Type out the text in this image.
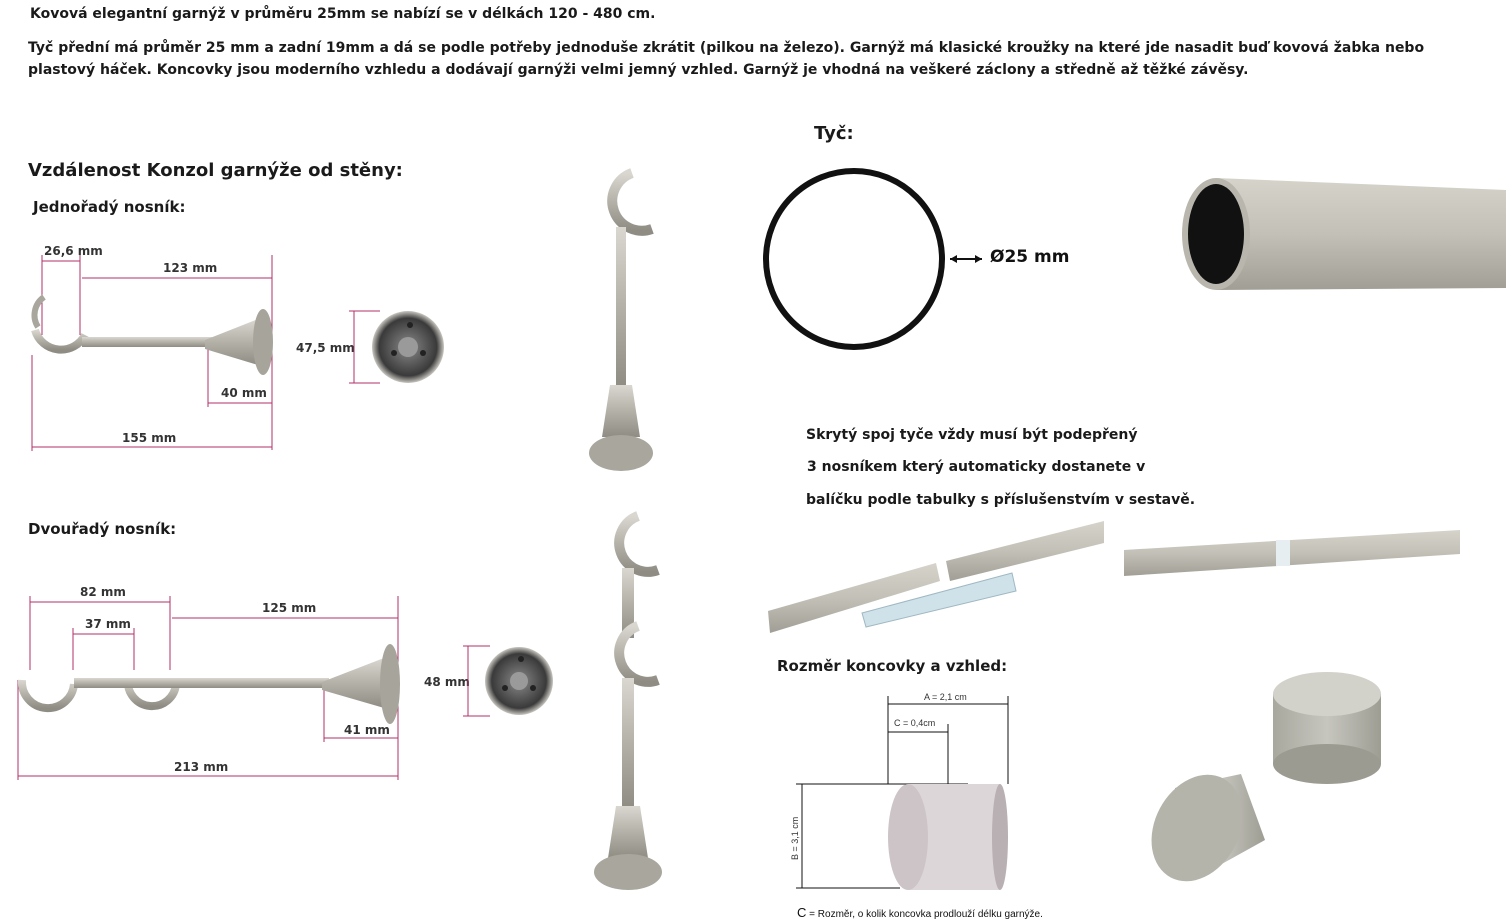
Kovová elegantní garnýž v průměru 25mm se nabízí se v délkách 120 - 480 cm.
Tyč přední má průměr 25 mm a zadní 19mm a dá se podle potřeby jednoduše zkrátit (pilkou na železo). Garnýž má klasické kroužky na které jde nasadit buď kovová žabka nebo plastový háček. Koncovky jsou moderního vzhledu a dodávají garnýži velmi jemný vzhled. Garnýž je vhodná na veškeré záclony a středně až těžké závěsy.
Vzdálenost Konzol garnýže od stěny:
Jednořadý nosník:
Dvouřadý nosník:
26,6 mm
123 mm
40 mm
155 mm
47,5 mm
82 mm
37 mm
125 mm
41 mm
213 mm
48 mm
Tyč:
Ø25 mm
Skrytý spoj tyče vždy musí být podepřený
3 nosníkem který automaticky dostanete v
balíčku podle tabulky s příslušenstvím v sestavě.
Rozměr koncovky a vzhled:
A = 2,1 cm
C = 0,4cm
B = 3,1 cm
C = Rozměr, o kolik koncovka prodlouží délku garnýže.
